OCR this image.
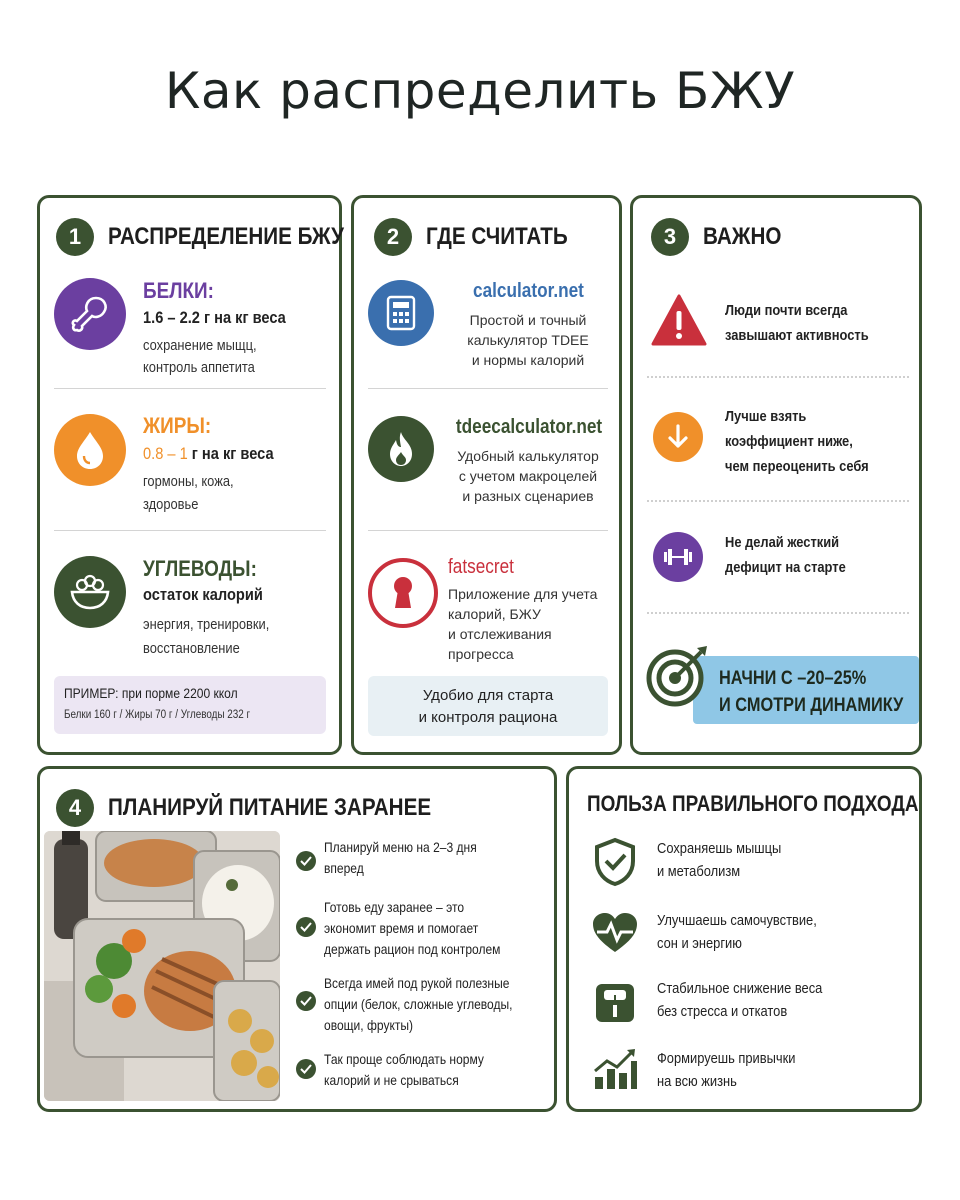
Как распределить БЖУ
1	РАСПРЕДЕЛЕНИЕ БЖУ
БЕЛКИ:
1.6 – 2.2 г на кг веса
сохранение мыщц,
контроль аппетита
ЖИРЫ:
0.8 – 1 г на кг веса
гормоны, кожа,
здоровье
УГЛЕВОДЫ:
остаток калорий
энергия, тренировки,
восстановление
ПРИМЕР: при порме 2200 ккол
Белки 160 г / Жиры 70 г / Углеводы 232 г
2	ГДЕ СЧИТАТЬ
calculator.net
Простой и точный
калькулятор TDEE
и нормы калорий
tdeecalculator.net
Удобный калькулятор
с учетом макроцелей
и разных сценариев
fatsecret
Приложение для учета
калорий, БЖУ
и отслеживания
прогресса
Удобио для старта
и контроля рациона
3	ВАЖНО
Люди почти всегда
завышают активность
Лучше взять
коэффициент ниже,
чем переоценить себя
Не делай жесткий
дефицит на старте
НАЧНИ С –20–25%
И СМОТРИ ДИНАМИКУ
4	ПЛАНИРУЙ ПИТАНИЕ ЗАРАНЕЕ
Планируй меню на 2–3 дня
вперед
Готовь еду заранее – это
экономит время и помогает
держать рацион под контролем
Всегда имей под рукой полезные
опции (белок, сложные углеводы,
овощи, фрукты)
Так проще соблюдать норму
калорий и не срываться
ПОЛЬЗА ПРАВИЛЬНОГО ПОДХОДА
Сохраняешь мышцы
и метаболизм
Улучшаешь самочувствие,
сон и энергию
Стабильное снижение веса
без стресса и откатов
Формируешь привычки
на всю жизнь
